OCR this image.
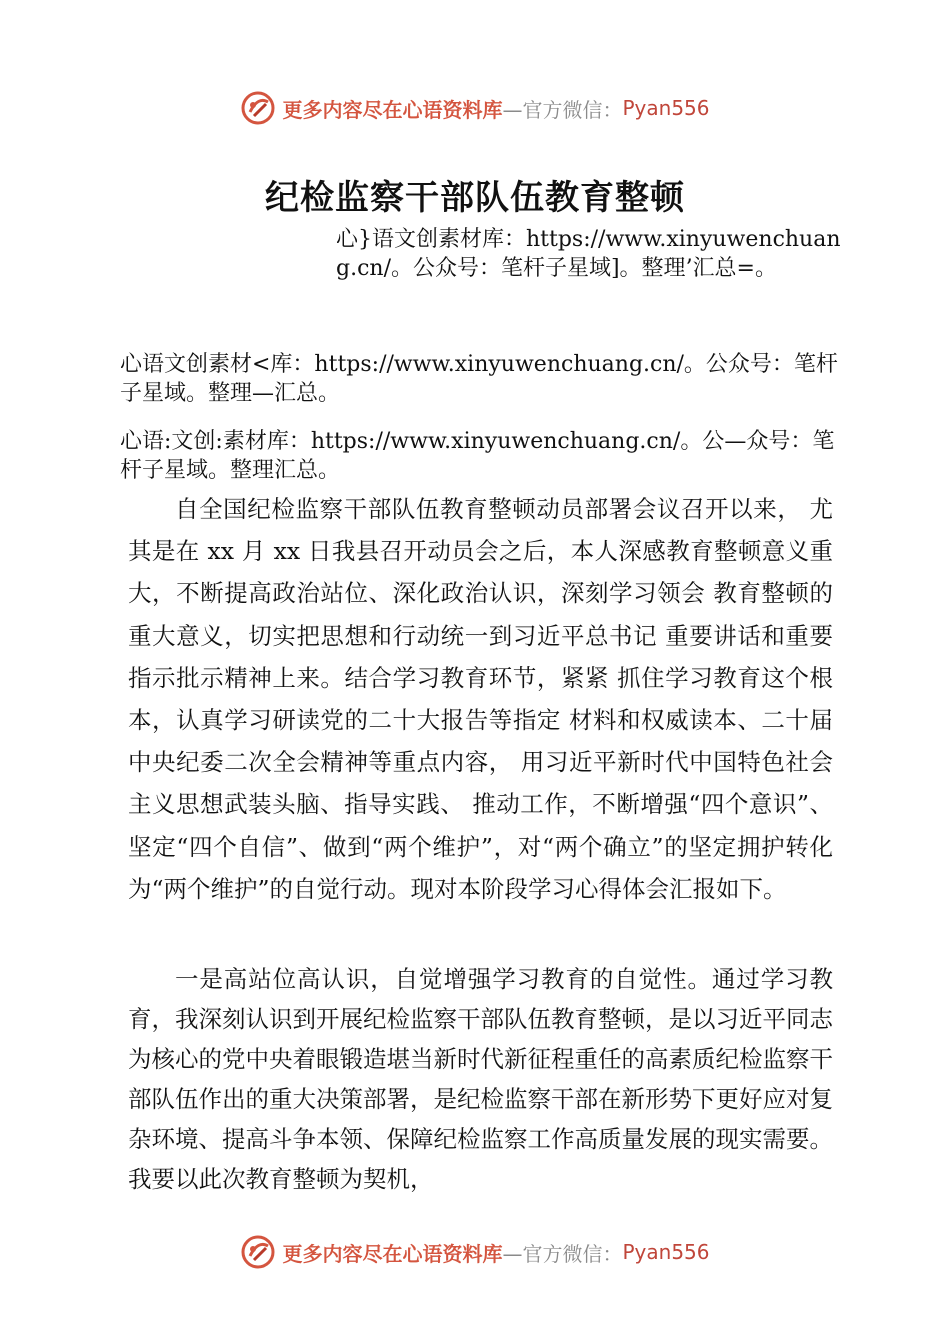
更多内容尽在心语资料库 —官方微信： Pyan556
纪检监察干部队伍教育整顿
心}语文创素材库：https://www.xinyuwenchuang.cn/。公众号：笔杆子星域]。整理’汇总=。
心语文创素材<库：https://www.xinyuwenchuang.cn/。公众号：笔杆子星域。整理—汇总。
心语:文创:素材库：https://www.xinyuwenchuang.cn/。公—众号：笔杆子星域。整理汇总。

自全国纪检监察干部队伍教育整顿动员部署会议召开以来， 尤其是在 xx 月 xx 日我县召开动员会之后，本人深感教育整顿意义重大，不断提高政治站位、深化政治认识，深刻学习领会 教育整顿的重大意义，切实把思想和行动统一到习近平总书记 重要讲话和重要指示批示精神上来。结合学习教育环节，紧紧 抓住学习教育这个根本，认真学习研读党的二十大报告等指定 材料和权威读本、二十届中央纪委二次全会精神等重点内容， 用习近平新时代中国特色社会主义思想武装头脑、指导实践、 推动工作，不断增强“四个意识”、坚定“四个自信”、做到“两个维护”，对“两个确立”的坚定拥护转化为“两个维护”的自觉行动。现对本阶段学习心得体会汇报如下。

一是高站位高认识，自觉增强学习教育的自觉性。通过学习教育，我深刻认识到开展纪检监察干部队伍教育整顿，是以习近平同志为核心的党中央着眼锻造堪当新时代新征程重任的高素质纪检监察干部队伍作出的重大决策部署，是纪检监察干部在新形势下更好应对复杂环境、提高斗争本领、保障纪检监察工作高质量发展的现实需要。我要以此次教育整顿为契机，

更多内容尽在心语资料库 —官方微信： Pyan556
